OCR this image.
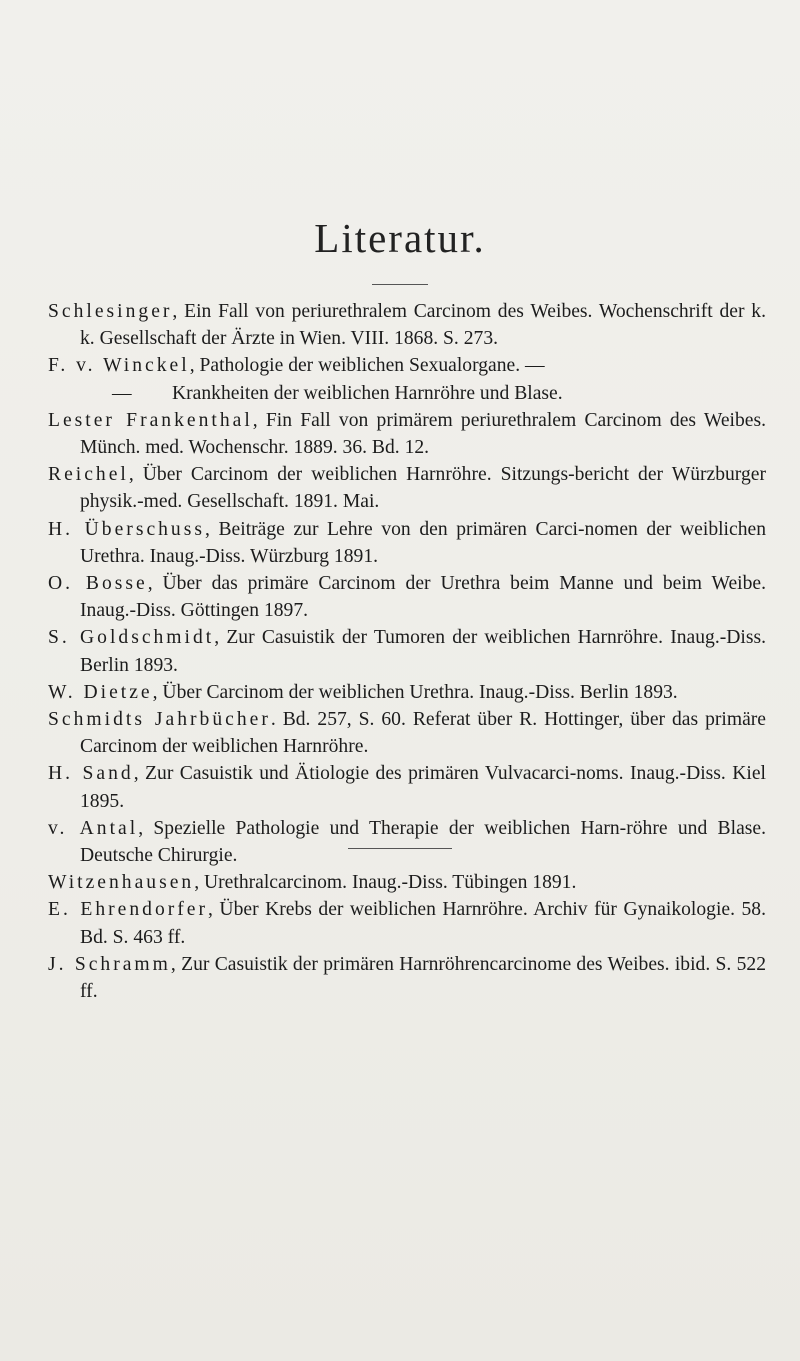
Literatur.
Schlesinger, Ein Fall von periurethralem Carcinom des Weibes. Wochenschrift der k. k. Gesellschaft der Ärzte in Wien. VIII. 1868. S. 273.
F. v. Winckel, Pathologie der weiblichen Sexualorgane. —
— Krankheiten der weiblichen Harnröhre und Blase.
Lester Frankenthal, Fin Fall von primärem periurethralem Carcinom des Weibes. Münch. med. Wochenschr. 1889. 36. Bd. 12.
Reichel, Über Carcinom der weiblichen Harnröhre. Sitzungs-bericht der Würzburger physik.-med. Gesellschaft. 1891. Mai.
H. Überschuss, Beiträge zur Lehre von den primären Carci-nomen der weiblichen Urethra. Inaug.-Diss. Würzburg 1891.
O. Bosse, Über das primäre Carcinom der Urethra beim Manne und beim Weibe. Inaug.-Diss. Göttingen 1897.
S. Goldschmidt, Zur Casuistik der Tumoren der weiblichen Harnröhre. Inaug.-Diss. Berlin 1893.
W. Dietze, Über Carcinom der weiblichen Urethra. Inaug.-Diss. Berlin 1893.
Schmidts Jahrbücher. Bd. 257, S. 60. Referat über R. Hottinger, über das primäre Carcinom der weiblichen Harnröhre.
H. Sand, Zur Casuistik und Ätiologie des primären Vulvacarci-noms. Inaug.-Diss. Kiel 1895.
v. Antal, Spezielle Pathologie und Therapie der weiblichen Harn-röhre und Blase. Deutsche Chirurgie.
Witzenhausen, Urethralcarcinom. Inaug.-Diss. Tübingen 1891.
E. Ehrendorfer, Über Krebs der weiblichen Harnröhre. Archiv für Gynaikologie. 58. Bd. S. 463 ff.
J. Schramm, Zur Casuistik der primären Harnröhrencarcinome des Weibes. ibid. S. 522 ff.
